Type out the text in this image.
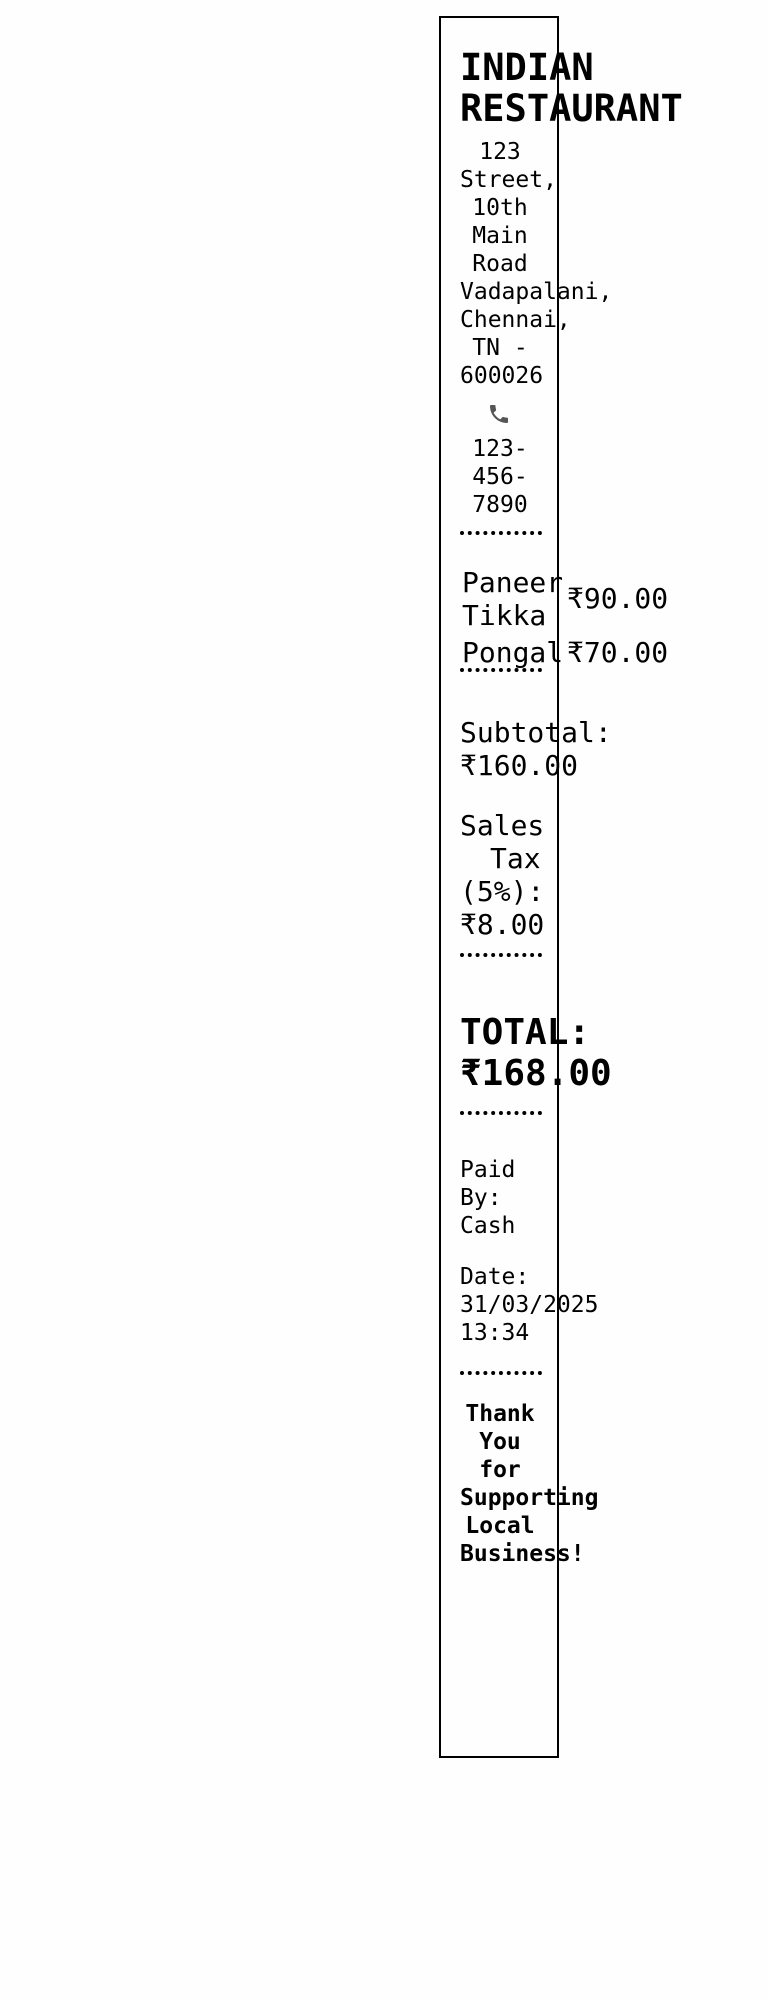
INDIAN
RESTAURANT
123
Street,
10th
Main
Road
Vadapalani,
Chennai,
TN -
600026
123-
456-
7890
Paneer
Tikka
₹90.00
Pongal ₹70.00
Subtotal:
₹160.00
Sales
Tax
(5%):
₹8.00
TOTAL:
₹168.00
Paid
By:
Cash
Date:
31/03/2025
13:34
Thank
You
for
Supporting
Local
Business!
